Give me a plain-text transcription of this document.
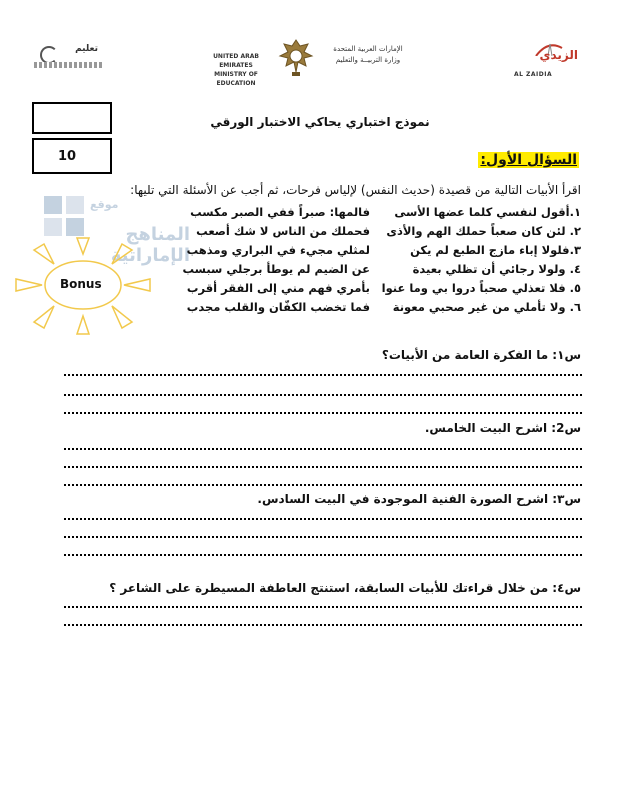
تعليم
UNITED ARAB EMIRATES
MINISTRY OF EDUCATION
الإمارات العربية المتحدة
وزارة التربيــة والتعليم	الزيدي
AL ZAIDIA
10
نموذج اختباري يحاكي الاختبار الورقي
السؤال الأول:
اقرأ الأبيات التالية من قصيدة (حديث النفس) لإلياس فرحات، ثم أجب عن الأسئلة التي تليها:
موقع
المناهج الإماراتية
Bonus
١.أقول لنفسي كلما عضها الأسى
٢. لئن كان صعباً حملك الهم والأذى
٣.فلولا إباء مازج الطبع لم يكن
٤. ولولا رجائي أن تظلي بعيدة
٥. فلا تعذلي صحباً دروا بي وما عنوا
٦. ولا تأملي من غير صحبي معونة
فالمها: صبراً ففي الصبر مكسب
فحملك من الناس لا شك أصعب
لمثلي مجيء في البراري ومذهب
عن الضيم لم يوطأ برجلي سبسب
بأمري فهم مني إلى الفقر أقرب
فما تخضب الكفّان والقلب مجدب
س١: ما الفكرة العامة من الأبيات؟
س2: اشرح البيت الخامس.
س٣: اشرح الصورة الفنية الموجودة في البيت السادس.
س٤: من خلال قراءتك للأبيات السابقة، استنتج العاطفة المسيطرة على الشاعر ؟
